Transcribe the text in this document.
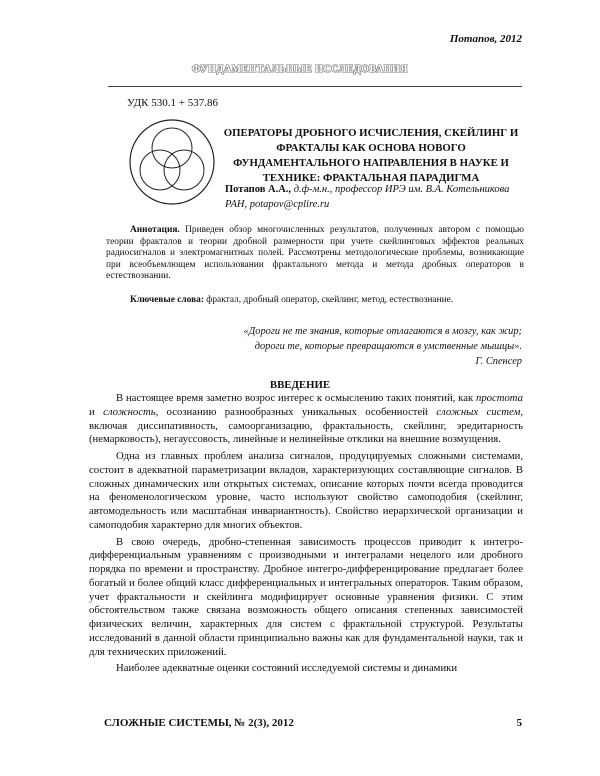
Потапов, 2012
ФУНДАМЕНТАЛЬНЫЕ ИССЛЕДОВАНИЯ
УДК 530.1 + 537.86
ОПЕРАТОРЫ ДРОБНОГО ИСЧИСЛЕНИЯ, СКЕЙЛИНГ И
ФРАКТАЛЫ КАК ОСНОВА НОВОГО
ФУНДАМЕНТАЛЬНОГО НАПРАВЛЕНИЯ В НАУКЕ И
ТЕХНИКЕ: ФРАКТАЛЬНАЯ ПАРАДИГМА
Потапов А.А., д.ф-м.н., профессор ИРЭ им. В.А. Котельникова РАН, potapov@cplire.ru
Аннотация. Приведен обзор многочисленных результатов, полученных автором с помощью теории фракталов и теории дробной размерности при учете скейлинговых эффектов реальных радиосигналов и электромагнитных полей. Рассмотрены методологические проблемы, возникающие при всеобъемлющем использовании фрактального метода и метода дробных операторов в естествознании.
Ключевые слова: фрактал, дробный оператор, скейлинг, метод, естествознание.
«Дороги не те знания, которые отлагаются в мозгу, как жир;
дороги те, которые превращаются в умственные мышцы».
Г. Спенсер
ВВЕДЕНИЕ

В настоящее время заметно возрос интерес к осмыслению таких понятий, как простота и сложность, осознанию разнообразных уникальных особенностей сложных систем, включая диссипативность, самоорганизацию, фрактальность, скейлинг, эредитарность (немарковость), негауссовость, линейные и нелинейные отклики на внешние возмущения.

Одна из главных проблем анализа сигналов, продуцируемых сложными системами, состоит в адекватной параметризации вкладов, характеризующих составляющие сигналов. В сложных динамических или открытых системах, описание которых почти всегда проводится на феноменологическом уровне, часто используют свойство самоподобия (скейлинг, автомодельность или масштабная инвариантность). Свойство иерархической организации и самоподобия характерно для многих объектов.

В свою очередь, дробно-степенная зависимость процессов приводит к интегро-дифференциальным уравнениям с производными и интегралами нецелого или дробного порядка по времени и пространству. Дробное интегро-дифференцирование предлагает более богатый и более общий класс дифференциальных и интегральных операторов. Таким образом, учет фрактальности и скейлинга модифицирует основные уравнения физики. С этим обстоятельством также связана возможность общего описания степенных зависимостей физических величин, характерных для систем с фрактальной структурой. Результаты исследований в данной области принципиально важны как для фундаментальной науки, так и для технических приложений.

Наиболее адекватные оценки состояний исследуемой системы и динамики

СЛОЖНЫЕ СИСТЕМЫ, № 2(3), 2012	5
